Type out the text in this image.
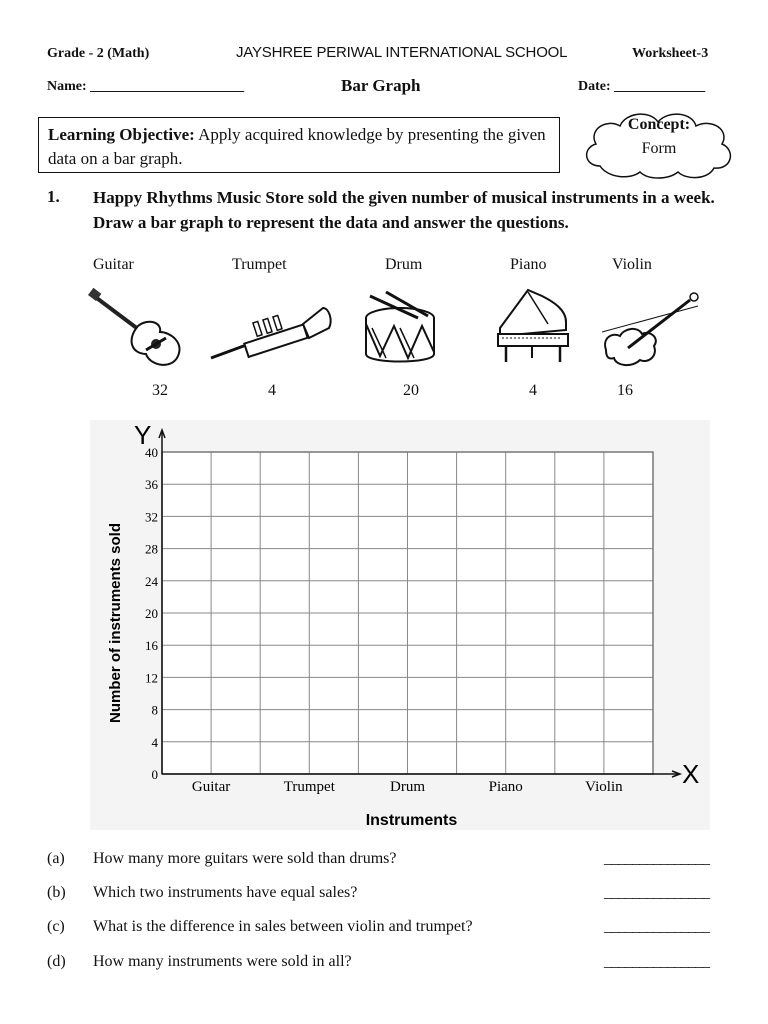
Grade - 2 (Math)	JAYSHREE PERIWAL INTERNATIONAL SCHOOL	Worksheet-3
Name: ______________________	Bar Graph	Date: _____________
Learning Objective: Apply acquired knowledge by presenting the given data on a bar graph.
Concept:
Form
1. Happy Rhythms Music Store sold the given number of musical instruments in a week. Draw a bar graph to represent the data and answer the questions.
Guitar	Trumpet	Drum	Piano	Violin
32	4	20	4	16
Y
X
0
4
8
12
16
20
24
28
32
36
40
Guitar	Trumpet	Drum	Piano	Violin
Instruments
Number of instruments sold
(a) How many more guitars were sold than drums?	_______________
(b) Which two instruments have equal sales?	_______________
(c) What is the difference in sales between violin and trumpet?	_______________
(d) How many instruments were sold in all?	_______________
